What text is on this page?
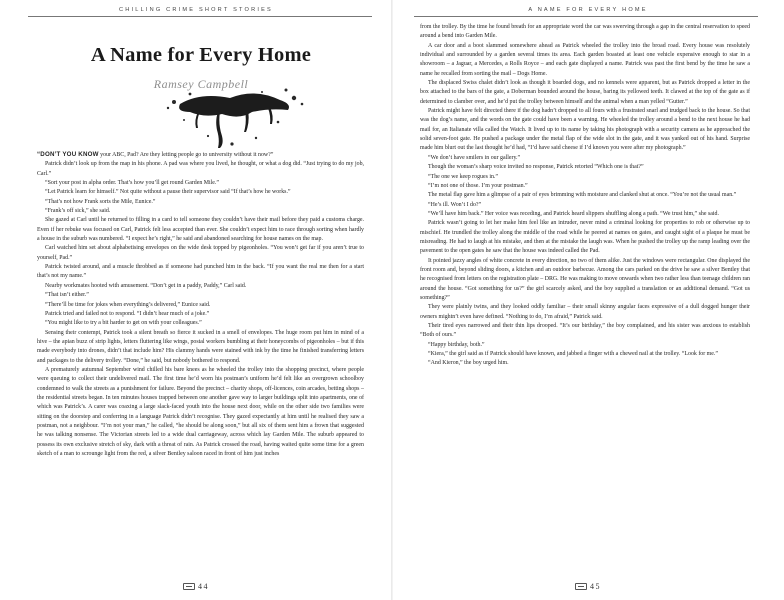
CHILLING CRIME SHORT STORIES
A Name for Every Home
Ramsey Campbell

“DON’T YOU KNOW your ABC, Pad? Are they letting people go to university without it now?”

Patrick didn’t look up from the map in his phone. A pad was where you lived, he thought, or what a dog did. “Just trying to do my job, Carl.”

“Sort your post in alpha order. That’s how you’ll get round Garden Mile.”

“Let Patrick learn for himself.” Not quite without a pause their supervisor said “If that’s how he works.”

“That’s not how Frank sorts the Mile, Eunice.”

“Frank’s off sick,” she said.

She gazed at Carl until he returned to filling in a card to tell someone they couldn’t have their mail before they paid a customs charge. Even if her rebuke was focused on Carl, Patrick felt less accepted than ever. She couldn’t expect him to race through sorting when hardly a house in the suburb was numbered. “I expect he’s right,” he said and abandoned searching for house names on the map.

Carl watched him set about alphabetising envelopes on the wide desk topped by pigeonholes. “You won’t get far if you aren’t true to yourself, Pad.”

Patrick twisted around, and a muscle throbbed as if someone had punched him in the back. “If you want the real me then for a start that’s not my name.”

Nearby workmates hooted with amusement. “Don’t get in a paddy, Paddy,” Carl said.

“That isn’t either.”

“There’ll be time for jokes when everything’s delivered,” Eunice said.

Patrick tried and failed not to respond. “I didn’t hear much of a joke.”

“You might like to try a bit harder to get on with your colleagues.”

Sensing their contempt, Patrick took a silent breath so fierce it sucked in a smell of envelopes. The huge room put him in mind of a hive – the apian buzz of strip lights, letters fluttering like wings, postal workers bumbling at their honeycombs of pigeonholes – but if this made everybody into drones, didn’t that include him? His clammy hands were stained with ink by the time he finished transferring letters and packages to the delivery trolley. “Done,” he said, but nobody bothered to respond.

A prematurely autumnal September wind chilled his bare knees as he wheeled the trolley into the shopping precinct, where people were queuing to collect their undelivered mail. The first time he’d worn his postman’s uniform he’d felt like an overgrown schoolboy condemned to walk the streets as a punishment for failure. Beyond the precinct – charity shops, off-licences, coin arcades, betting shops – the residential streets began. In ten minutes houses trapped between one another gave way to larger buildings split into apartments, one of which was Patrick’s. A carer was coaxing a large slack-faced youth into the house next door, while on the other side two families were sitting on the doorstep and conferring in a language Patrick didn’t recognise. They gazed expectantly at him until he realised they saw a postman, not a neighbour. “I’m not your man,” he called, “he should be along soon,” but all six of them sent him a frown that suggested he was talking nonsense. The Victorian streets led to a wide dual carriageway, across which lay Garden Mile. The suburb appeared to possess its own exclusive stretch of sky, dark with a threat of rain. As Patrick crossed the road, having waited quite some time for a green sketch of a man to scrounge light from the red, a silver Bentley saloon raced in front of him just inches

44
A NAME FOR EVERY HOME

from the trolley. By the time he found breath for an appropriate word the car was swerving through a gap in the central reservation to speed around a bend into Garden Mile.

A car door and a boot slammed somewhere ahead as Patrick wheeled the trolley into the broad road. Every house was resolutely individual and surrounded by a garden several times its area. Each garden boasted at least one vehicle expensive enough to star in a showroom – a Jaguar, a Mercedes, a Rolls Royce – and each gate displayed a name. Patrick was past the first bend by the time he saw a name he recalled from sorting the mail – Dogs Home.

The displaced Swiss chalet didn’t look as though it boarded dogs, and no kennels were apparent, but as Patrick dropped a letter in the box attached to the bars of the gate, a Doberman bounded around the house, baring its yellowed teeth. It clawed at the top of the gate as if determined to clamber over, and he’d put the trolley between himself and the animal when a man yelled “Gutter.”

Patrick might have felt directed there if the dog hadn’t dropped to all fours with a frustrated snarl and trudged back to the house. So that was the dog’s name, and the words on the gate could have been a warning. He wheeled the trolley around a bend to the next house he had mail for, an Italianate villa called the Watch. It lived up to its name by taking his photograph with a security camera as he approached the solid seven-foot gate. He pushed a package under the metal flap of the wide slot in the gate, and it was yanked out of his hand. Surprise made him blurt out the last thought he’d had, “I’d have said cheese if I’d known you were after my photograph.”

“We don’t have smilers in our gallery.”

Though the woman’s sharp voice invited no response, Patrick retorted “Which one is that?”

“The one we keep rogues in.”

“I’m not one of those. I’m your postman.”

The metal flap gave him a glimpse of a pair of eyes brimming with moisture and clanked shut at once. “You’re not the usual man.”

“He’s ill. Won’t I do?”

“We’ll have him back.” Her voice was receding, and Patrick heard slippers shuffling along a path. “We trust him,” she said.

Patrick wasn’t going to let her make him feel like an intruder, never mind a criminal looking for properties to rob or otherwise up to mischief. He trundled the trolley along the middle of the road while he peered at names on gates, and caught sight of a plaque he must be misreading. He had to laugh at his mistake, and then at the mistake the laugh was. When he pushed the trolley up the ramp leading over the pavement to the open gates he saw that the house was indeed called the Pad.

It pointed jazzy angles of white concrete in every direction, no two of them alike. Just the windows were rectangular. One displayed the front room and, beyond sliding doors, a kitchen and an outdoor barbecue. Among the cars parked on the drive he saw a silver Bentley that he recognised from letters on the registration plate – DRG. He was making to move onwards when two rather less than teenage children ran around the house. “Got something for us?” the girl scarcely asked, and the boy supplied a translation or an additional demand. “Got us something?”

They were plainly twins, and they looked oddly familiar – their small skinny angular faces expressive of a dull dogged hunger their owners mightn’t even have defined. “Nothing to do, I’m afraid,” Patrick said.

Their tired eyes narrowed and their thin lips drooped. “It’s our birthday,” the boy complained, and his sister was anxious to establish “Both of ours.”

“Happy birthday, both.”

“Kiera,” the girl said as if Patrick should have known, and jabbed a finger with a chewed nail at the trolley. “Look for me.”

“And Kieron,” the boy urged him.

45
